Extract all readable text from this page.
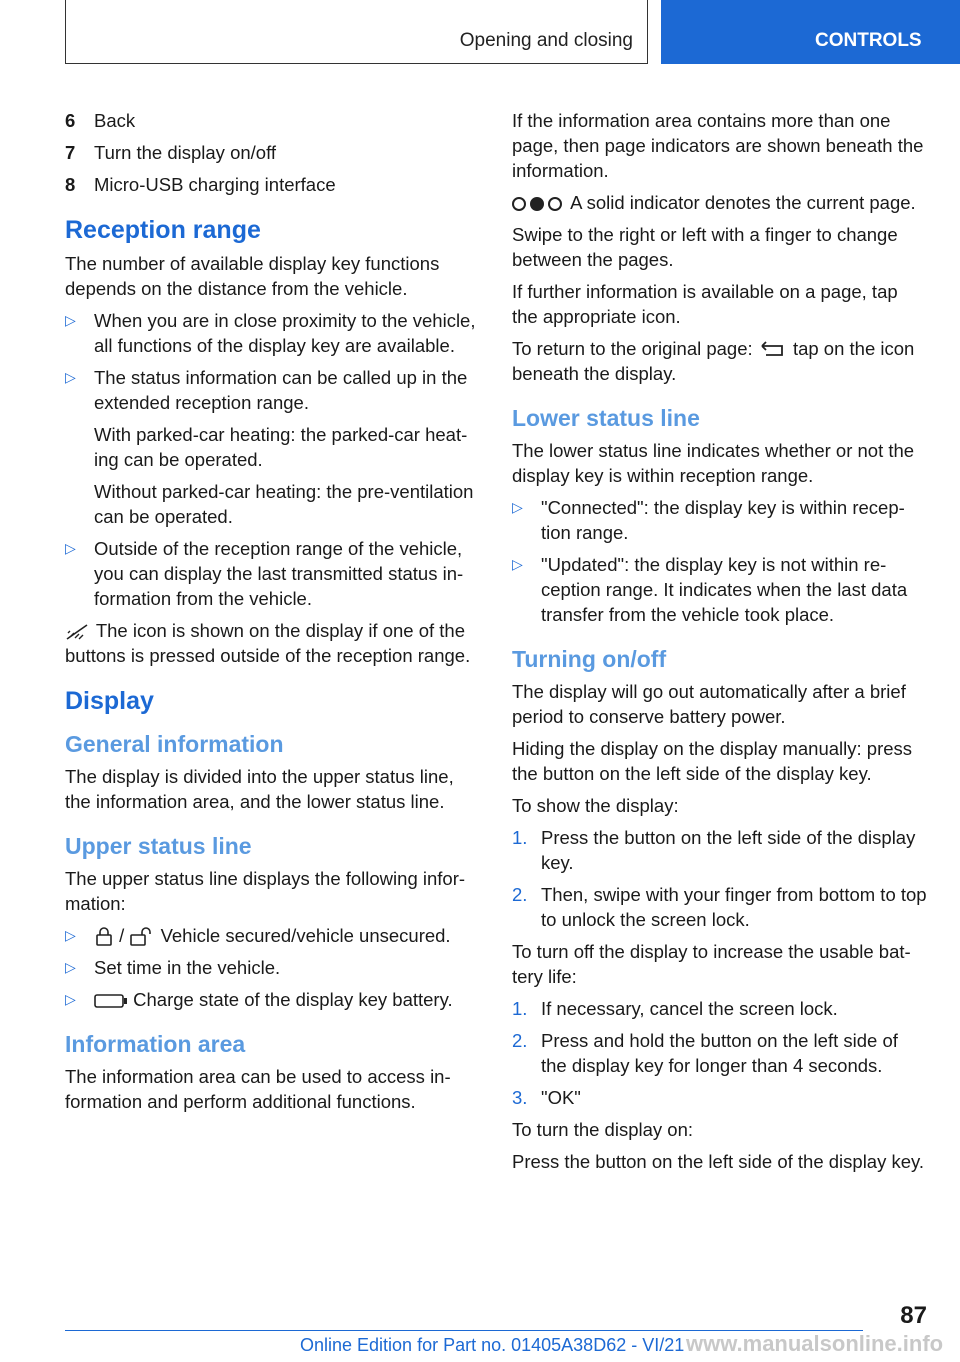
Opening and closing	CONTROLS
6	Back
7	Turn the display on/off
8	Micro-USB charging interface
Reception range

The number of available display key functions depends on the distance from the vehicle.

▷ When you are in close proximity to the vehicle, all functions of the display key are available.
▷ The status information can be called up in the extended reception range.
With parked-car heating: the parked-car heating can be operated.
Without parked-car heating: the pre-ventilation can be operated.
▷ Outside of the reception range of the vehicle, you can display the last transmitted status information from the vehicle.

The icon is shown on the display if one of the buttons is pressed outside of the reception range.

Display
General information

The display is divided into the upper status line, the information area, and the lower status line.

Upper status line

The upper status line displays the following information:

▷	/ Vehicle secured/vehicle unsecured.
▷ Set time in the vehicle.
▷	Charge state of the display key battery.
Information area

The information area can be used to access information and perform additional functions.

If the information area contains more than one page, then page indicators are shown beneath the information.

A solid indicator denotes the current page.

Swipe to the right or left with a finger to change between the pages.

If further information is available on a page, tap the appropriate icon.

To return to the original page: tap on the icon beneath the display.

Lower status line

The lower status line indicates whether or not the display key is within reception range.

▷ "Connected": the display key is within reception range.
▷ "Updated": the display key is not within reception range. It indicates when the last data transfer from the vehicle took place.
Turning on/off

The display will go out automatically after a brief period to conserve battery power.

Hiding the display on the display manually: press the button on the left side of the display key.

To show the display:

1. Press the button on the left side of the display key.
2. Then, swipe with your finger from bottom to top to unlock the screen lock.

To turn off the display to increase the usable battery life:

1. If necessary, cancel the screen lock.
2. Press and hold the button on the left side of the display key for longer than 4 seconds.
3. "OK"

To turn the display on:

Press the button on the left side of the display key.

87
Online Edition for Part no. 01405A38D62 - VI/21 www.manualsonline.info
